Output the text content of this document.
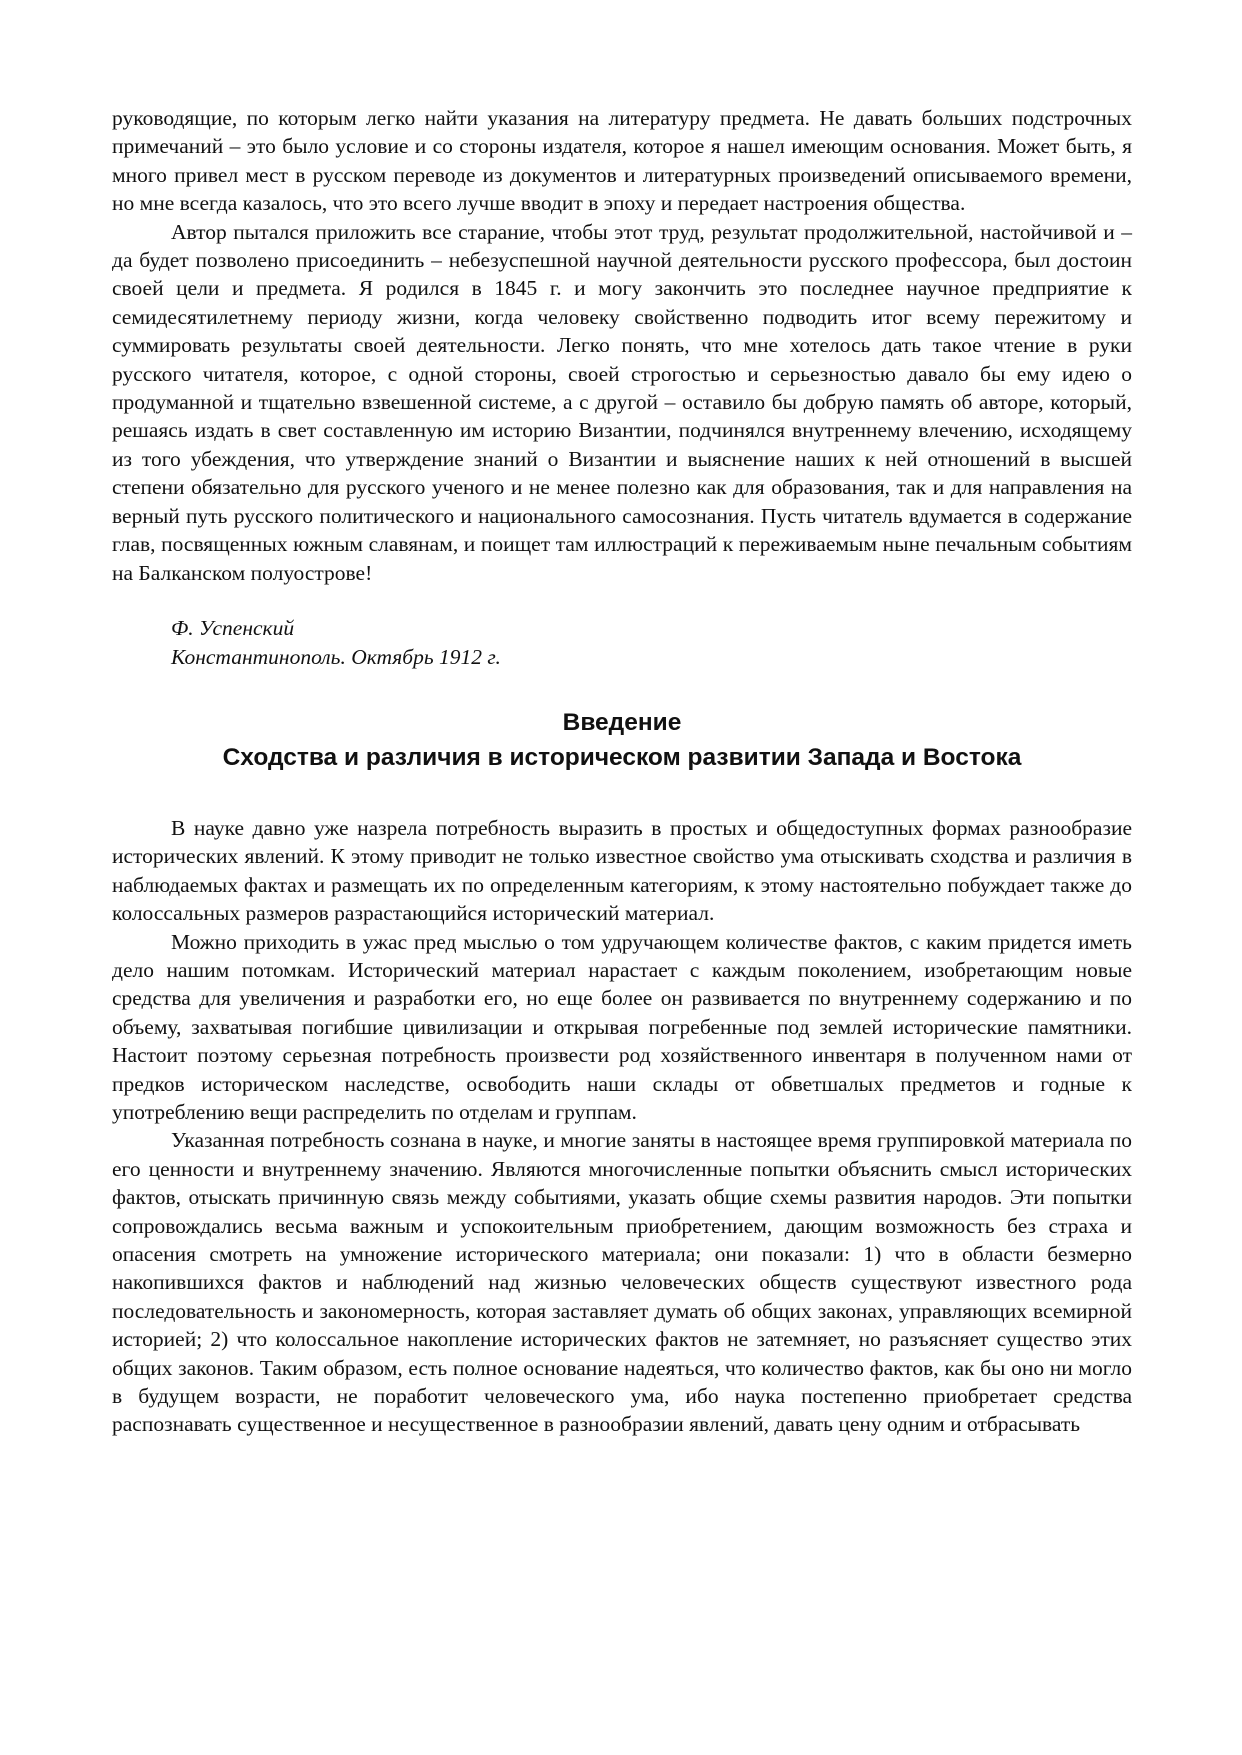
руководящие, по которым легко найти указания на литературу предмета. Не давать больших подстрочных примечаний – это было условие и со стороны издателя, которое я нашел имеющим основания. Может быть, я много привел мест в русском переводе из документов и литературных произведений описываемого времени, но мне всегда казалось, что это всего лучше вводит в эпоху и передает настроения общества.

Автор пытался приложить все старание, чтобы этот труд, результат продолжительной, настойчивой и – да будет позволено присоединить – небезуспешной научной деятельности русского профессора, был достоин своей цели и предмета. Я родился в 1845 г. и могу закончить это последнее научное предприятие к семидесятилетнему периоду жизни, когда человеку свойственно подводить итог всему пережитому и суммировать результаты своей деятельности. Легко понять, что мне хотелось дать такое чтение в руки русского читателя, которое, с одной стороны, своей строгостью и серьезностью давало бы ему идею о продуманной и тщательно взвешенной системе, а с другой – оставило бы добрую память об авторе, который, решаясь издать в свет составленную им историю Византии, подчинялся внутреннему влечению, исходящему из того убеждения, что утверждение знаний о Византии и выяснение наших к ней отношений в высшей степени обязательно для русского ученого и не менее полезно как для образования, так и для направления на верный путь русского политического и национального самосознания. Пусть читатель вдумается в содержание глав, посвященных южным славянам, и поищет там иллюстраций к переживаемым ныне печальным событиям на Балканском полуострове!

Ф. Успенский
Константинополь. Октябрь 1912 г.
Введение
Сходства и различия в историческом развитии Запада и Востока

В науке давно уже назрела потребность выразить в простых и общедоступных формах разнообразие исторических явлений. К этому приводит не только известное свойство ума отыскивать сходства и различия в наблюдаемых фактах и размещать их по определенным категориям, к этому настоятельно побуждает также до колоссальных размеров разрастающийся исторический материал.

Можно приходить в ужас пред мыслью о том удручающем количестве фактов, с каким придется иметь дело нашим потомкам. Исторический материал нарастает с каждым поколением, изобретающим новые средства для увеличения и разработки его, но еще более он развивается по внутреннему содержанию и по объему, захватывая погибшие цивилизации и открывая погребенные под землей исторические памятники. Настоит поэтому серьезная потребность произвести род хозяйственного инвентаря в полученном нами от предков историческом наследстве, освободить наши склады от обветшалых предметов и годные к употреблению вещи распределить по отделам и группам.

Указанная потребность сознана в науке, и многие заняты в настоящее время группировкой материала по его ценности и внутреннему значению. Являются многочисленные попытки объяснить смысл исторических фактов, отыскать причинную связь между событиями, указать общие схемы развития народов. Эти попытки сопровождались весьма важным и успокоительным приобретением, дающим возможность без страха и опасения смотреть на умножение исторического материала; они показали: 1) что в области безмерно накопившихся фактов и наблюдений над жизнью человеческих обществ существуют известного рода последовательность и закономерность, которая заставляет думать об общих законах, управляющих всемирной историей; 2) что колоссальное накопление исторических фактов не затемняет, но разъясняет существо этих общих законов. Таким образом, есть полное основание надеяться, что количество фактов, как бы оно ни могло в будущем возрасти, не поработит человеческого ума, ибо наука постепенно приобретает средства распознавать существенное и несущественное в разнообразии явлений, давать цену одним и отбрасывать
